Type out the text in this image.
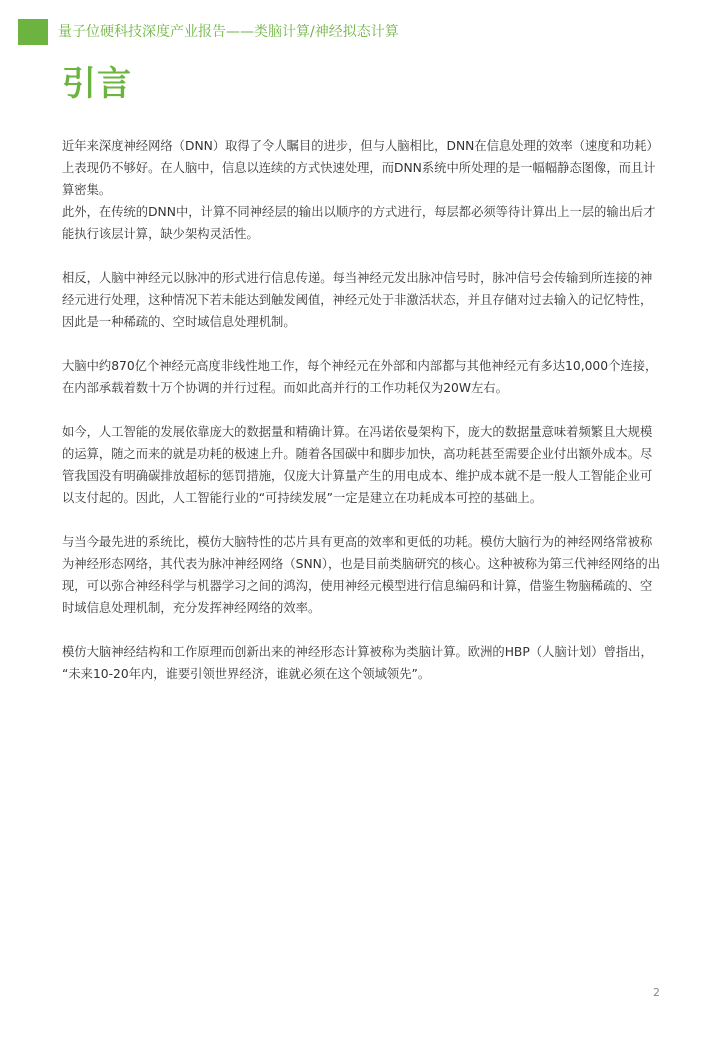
量子位硬科技深度产业报告——类脑计算/神经拟态计算
引言

近年来深度神经网络（DNN）取得了令人瞩目的进步，但与人脑相比，DNN在信息处理的效率（速度和功耗）上表现仍不够好。在人脑中，信息以连续的方式快速处理，而DNN系统中所处理的是一幅幅静态图像，而且计算密集。
此外，在传统的DNN中，计算不同神经层的输出以顺序的方式进行，每层都必须等待计算出上一层的输出后才能执行该层计算，缺少架构灵活性。

相反，人脑中神经元以脉冲的形式进行信息传递。每当神经元发出脉冲信号时，脉冲信号会传输到所连接的神经元进行处理，这种情况下若未能达到触发阈值，神经元处于非激活状态，并且存储对过去输入的记忆特性，因此是一种稀疏的、空时域信息处理机制。

大脑中约870亿个神经元高度非线性地工作，每个神经元在外部和内部都与其他神经元有多达10,000个连接，在内部承载着数十万个协调的并行过程。而如此高并行的工作功耗仅为20W左右。

如今，人工智能的发展依靠庞大的数据量和精确计算。在冯诺依曼架构下，庞大的数据量意味着频繁且大规模的运算，随之而来的就是功耗的极速上升。随着各国碳中和脚步加快，高功耗甚至需要企业付出额外成本。尽管我国没有明确碳排放超标的惩罚措施，仅庞大计算量产生的用电成本、维护成本就不是一般人工智能企业可以支付起的。因此，人工智能行业的“可持续发展”一定是建立在功耗成本可控的基础上。

与当今最先进的系统比，模仿大脑特性的芯片具有更高的效率和更低的功耗。模仿大脑行为的神经网络常被称为神经形态网络，其代表为脉冲神经网络（SNN），也是目前类脑研究的核心。这种被称为第三代神经网络的出现，可以弥合神经科学与机器学习之间的鸿沟，使用神经元模型进行信息编码和计算，借鉴生物脑稀疏的、空时域信息处理机制，充分发挥神经网络的效率。

模仿大脑神经结构和工作原理而创新出来的神经形态计算被称为类脑计算。欧洲的HBP（人脑计划）曾指出，
“未来10-20年内，谁要引领世界经济，谁就必须在这个领域领先”。

2
